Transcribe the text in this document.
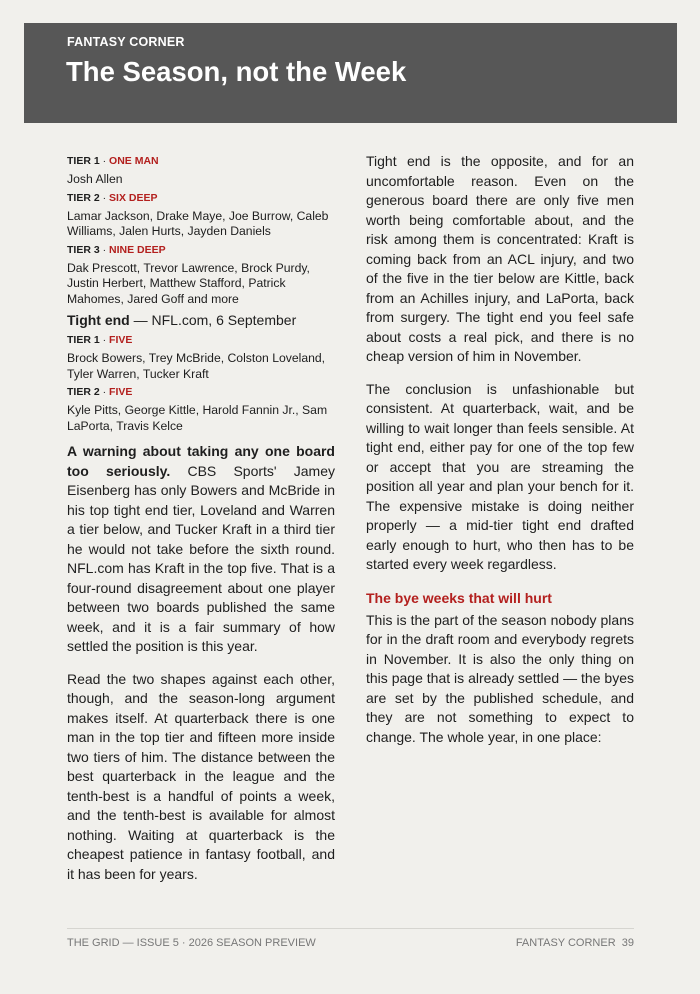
FANTASY CORNER
The Season, not the Week
TIER 1 · ONE MAN
Josh Allen
TIER 2 · SIX DEEP
Lamar Jackson, Drake Maye, Joe Burrow, Caleb Williams, Jalen Hurts, Jayden Daniels
TIER 3 · NINE DEEP
Dak Prescott, Trevor Lawrence, Brock Purdy, Justin Herbert, Matthew Stafford, Patrick Mahomes, Jared Goff and more
Tight end — NFL.com, 6 September
TIER 1 · FIVE
Brock Bowers, Trey McBride, Colston Loveland, Tyler Warren, Tucker Kraft
TIER 2 · FIVE
Kyle Pitts, George Kittle, Harold Fannin Jr., Sam LaPorta, Travis Kelce

A warning about taking any one board too seriously. CBS Sports' Jamey Eisenberg has only Bowers and McBride in his top tight end tier, Loveland and Warren a tier below, and Tucker Kraft in a third tier he would not take before the sixth round. NFL.com has Kraft in the top five. That is a four-round disagreement about one player between two boards published the same week, and it is a fair summary of how settled the position is this year.

Read the two shapes against each other, though, and the season-long argument makes itself. At quarterback there is one man in the top tier and fifteen more inside two tiers of him. The distance between the best quarterback in the league and the tenth-best is a handful of points a week, and the tenth-best is available for almost nothing. Waiting at quarterback is the cheapest patience in fantasy football, and it has been for years.

Tight end is the opposite, and for an uncomfortable reason. Even on the generous board there are only five men worth being comfortable about, and the risk among them is concentrated: Kraft is coming back from an ACL injury, and two of the five in the tier below are Kittle, back from an Achilles injury, and LaPorta, back from surgery. The tight end you feel safe about costs a real pick, and there is no cheap version of him in November.

The conclusion is unfashionable but consistent. At quarterback, wait, and be willing to wait longer than feels sensible. At tight end, either pay for one of the top few or accept that you are streaming the position all year and plan your bench for it. The expensive mistake is doing neither properly — a mid-tier tight end drafted early enough to hurt, who then has to be started every week regardless.

The bye weeks that will hurt

This is the part of the season nobody plans for in the draft room and everybody regrets in November. It is also the only thing on this page that is already settled — the byes are set by the published schedule, and they are not something to expect to change. The whole year, in one place:

THE GRID — ISSUE 5 · 2026 SEASON PREVIEW	FANTASY CORNER  39
